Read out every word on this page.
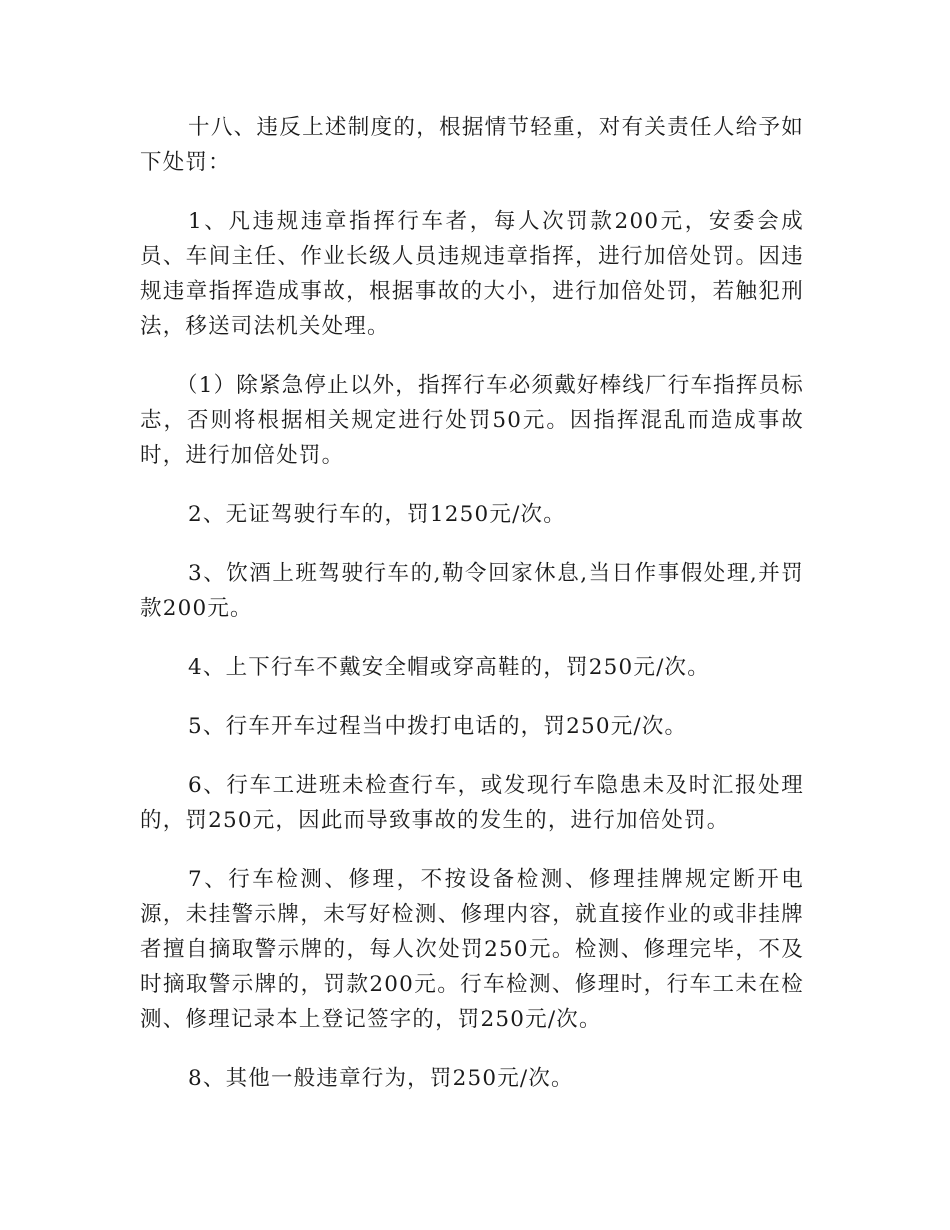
十八、违反上述制度的，根据情节轻重，对有关责任人给予如下处罚：

1、凡违规违章指挥行车者，每人次罚款200元，安委会成员、车间主任、作业长级人员违规违章指挥，进行加倍处罚。因违规违章指挥造成事故，根据事故的大小，进行加倍处罚，若触犯刑法，移送司法机关处理。

（1）除紧急停止以外，指挥行车必须戴好棒线厂行车指挥员标志，否则将根据相关规定进行处罚50元。因指挥混乱而造成事故时，进行加倍处罚。

2、无证驾驶行车的，罚1250元/次。

3、饮酒上班驾驶行车的,勒令回家休息,当日作事假处理,并罚款200元。

4、上下行车不戴安全帽或穿高鞋的，罚250元/次。

5、行车开车过程当中拨打电话的，罚250元/次。

6、行车工进班未检查行车，或发现行车隐患未及时汇报处理的，罚250元，因此而导致事故的发生的，进行加倍处罚。

7、行车检测、修理，不按设备检测、修理挂牌规定断开电源，未挂警示牌，未写好检测、修理内容，就直接作业的或非挂牌者擅自摘取警示牌的，每人次处罚250元。检测、修理完毕，不及时摘取警示牌的，罚款200元。行车检测、修理时，行车工未在检测、修理记录本上登记签字的，罚250元/次。

8、其他一般违章行为，罚250元/次。
